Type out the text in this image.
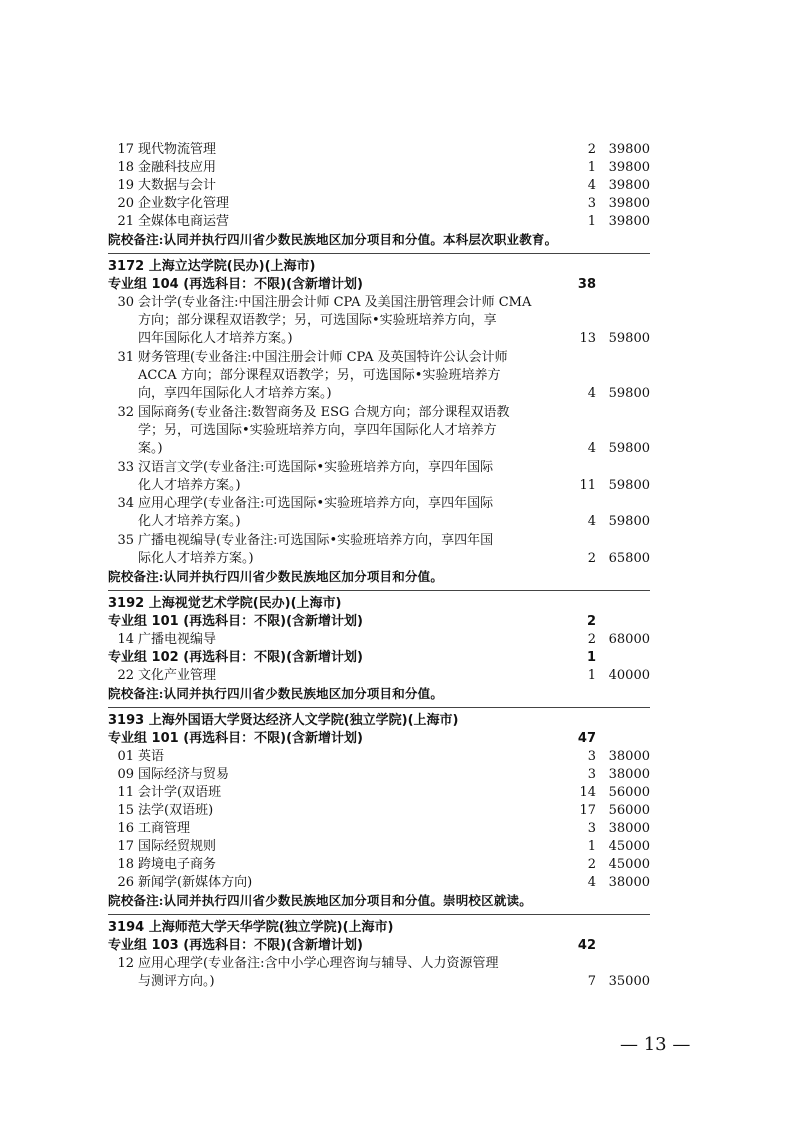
17 现代物流管理	2 39800
18 金融科技应用	1 39800
19 大数据与会计	4 39800
20 企业数字化管理	3 39800
21 全媒体电商运营	1 39800
院校备注:认同并执行四川省少数民族地区加分项目和分值。本科层次职业教育。
3172 上海立达学院(民办)(上海市)
专业组 104 (再选科目：不限)(含新增计划)	38
30 会计学(专业备注:中国注册会计师 CPA 及美国注册管理会计师 CMA
方向；部分课程双语教学；另，可选国际•实验班培养方向，享
四年国际化人才培养方案。)	13 59800
31 财务管理(专业备注:中国注册会计师 CPA 及英国特许公认会计师
ACCA 方向；部分课程双语教学；另，可选国际•实验班培养方
向，享四年国际化人才培养方案。)	4 59800
32 国际商务(专业备注:数智商务及 ESG 合规方向；部分课程双语教
学；另，可选国际•实验班培养方向，享四年国际化人才培养方
案。)	4 59800
33 汉语言文学(专业备注:可选国际•实验班培养方向，享四年国际
化人才培养方案。)	11 59800
34 应用心理学(专业备注:可选国际•实验班培养方向，享四年国际
化人才培养方案。)	4 59800
35 广播电视编导(专业备注:可选国际•实验班培养方向，享四年国
际化人才培养方案。)	2 65800
院校备注:认同并执行四川省少数民族地区加分项目和分值。
3192 上海视觉艺术学院(民办)(上海市)
专业组 101 (再选科目：不限)(含新增计划)	2
14 广播电视编导	2 68000
专业组 102 (再选科目：不限)(含新增计划)	1
22 文化产业管理	1 40000
院校备注:认同并执行四川省少数民族地区加分项目和分值。
3193 上海外国语大学贤达经济人文学院(独立学院)(上海市)
专业组 101 (再选科目：不限)(含新增计划)	47
01 英语	3 38000
09 国际经济与贸易	3 38000
11 会计学(双语班	14 56000
15 法学(双语班)	17 56000
16 工商管理	3 38000
17 国际经贸规则	1 45000
18 跨境电子商务	2 45000
26 新闻学(新媒体方向)	4 38000
院校备注:认同并执行四川省少数民族地区加分项目和分值。崇明校区就读。
3194 上海师范大学天华学院(独立学院)(上海市)
专业组 103 (再选科目：不限)(含新增计划)	42
12 应用心理学(专业备注:含中小学心理咨询与辅导、人力资源管理
与测评方向。)	7 35000
— 13 —
